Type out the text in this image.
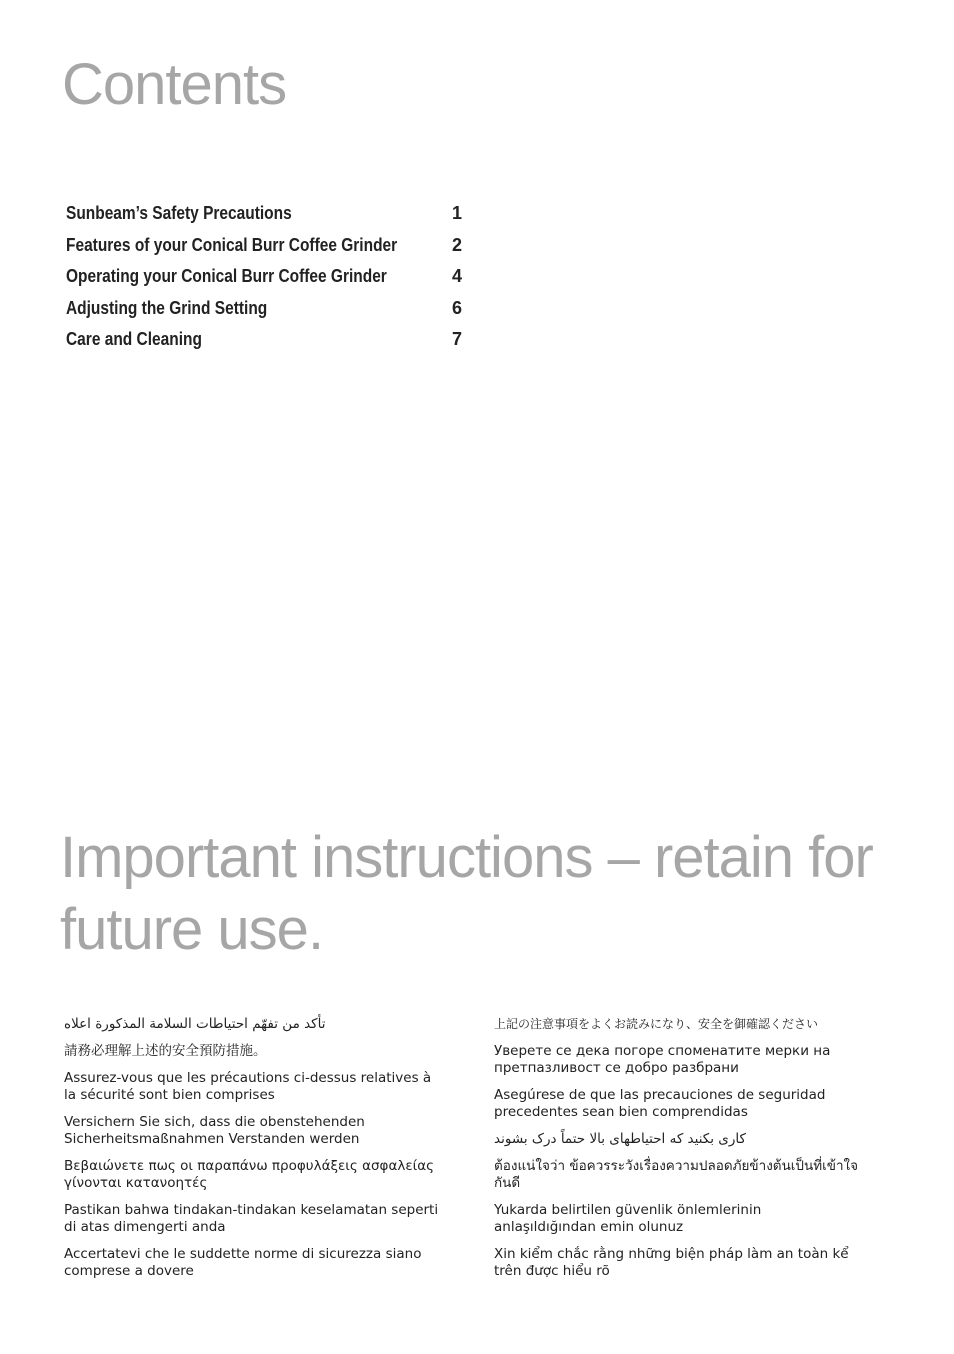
Contents
Sunbeam’s Safety Precautions	1
Features of your Conical Burr Coffee Grinder	2
Operating your Conical Burr Coffee Grinder	4
Adjusting the Grind Setting	6
Care and Cleaning	7
Important instructions – retain for future use.

تأكد من تفهّم احتياطات السلامة المذكورة اعلاه

請務必理解上述的安全預防措施。

Assurez-vous que les précautions ci-dessus relatives à la sécurité sont bien comprises

Versichern Sie sich, dass die obenstehenden Sicherheitsmaßnahmen Verstanden werden

Βεβαιώνετε πως οι παραπάνω προφυλάξεις ασφαλείας γίνονται κατανοητές

Pastikan bahwa tindakan-tindakan keselamatan seperti di atas dimengerti anda

Accertatevi che le suddette norme di sicurezza siano comprese a dovere

上記の注意事項をよくお読みになり、安全を御確認ください

Уверете се дека погоре споменатите мерки на претпазливост се добро разбрани

Asegúrese de que las precauciones de seguridad precedentes sean bien comprendidas

کاری بکنید که احتیاطهای بالا حتماً درک بشوند

ต้องแน่ใจว่า ข้อควรระวังเรื่องความปลอดภัยข้างต้นเป็นที่เข้าใจกันดี

Yukarda belirtilen güvenlik önlemlerinin anlaşıldığından emin olunuz

Xin kiểm chắc rằng những biện pháp làm an toàn kể trên được hiểu rõ
